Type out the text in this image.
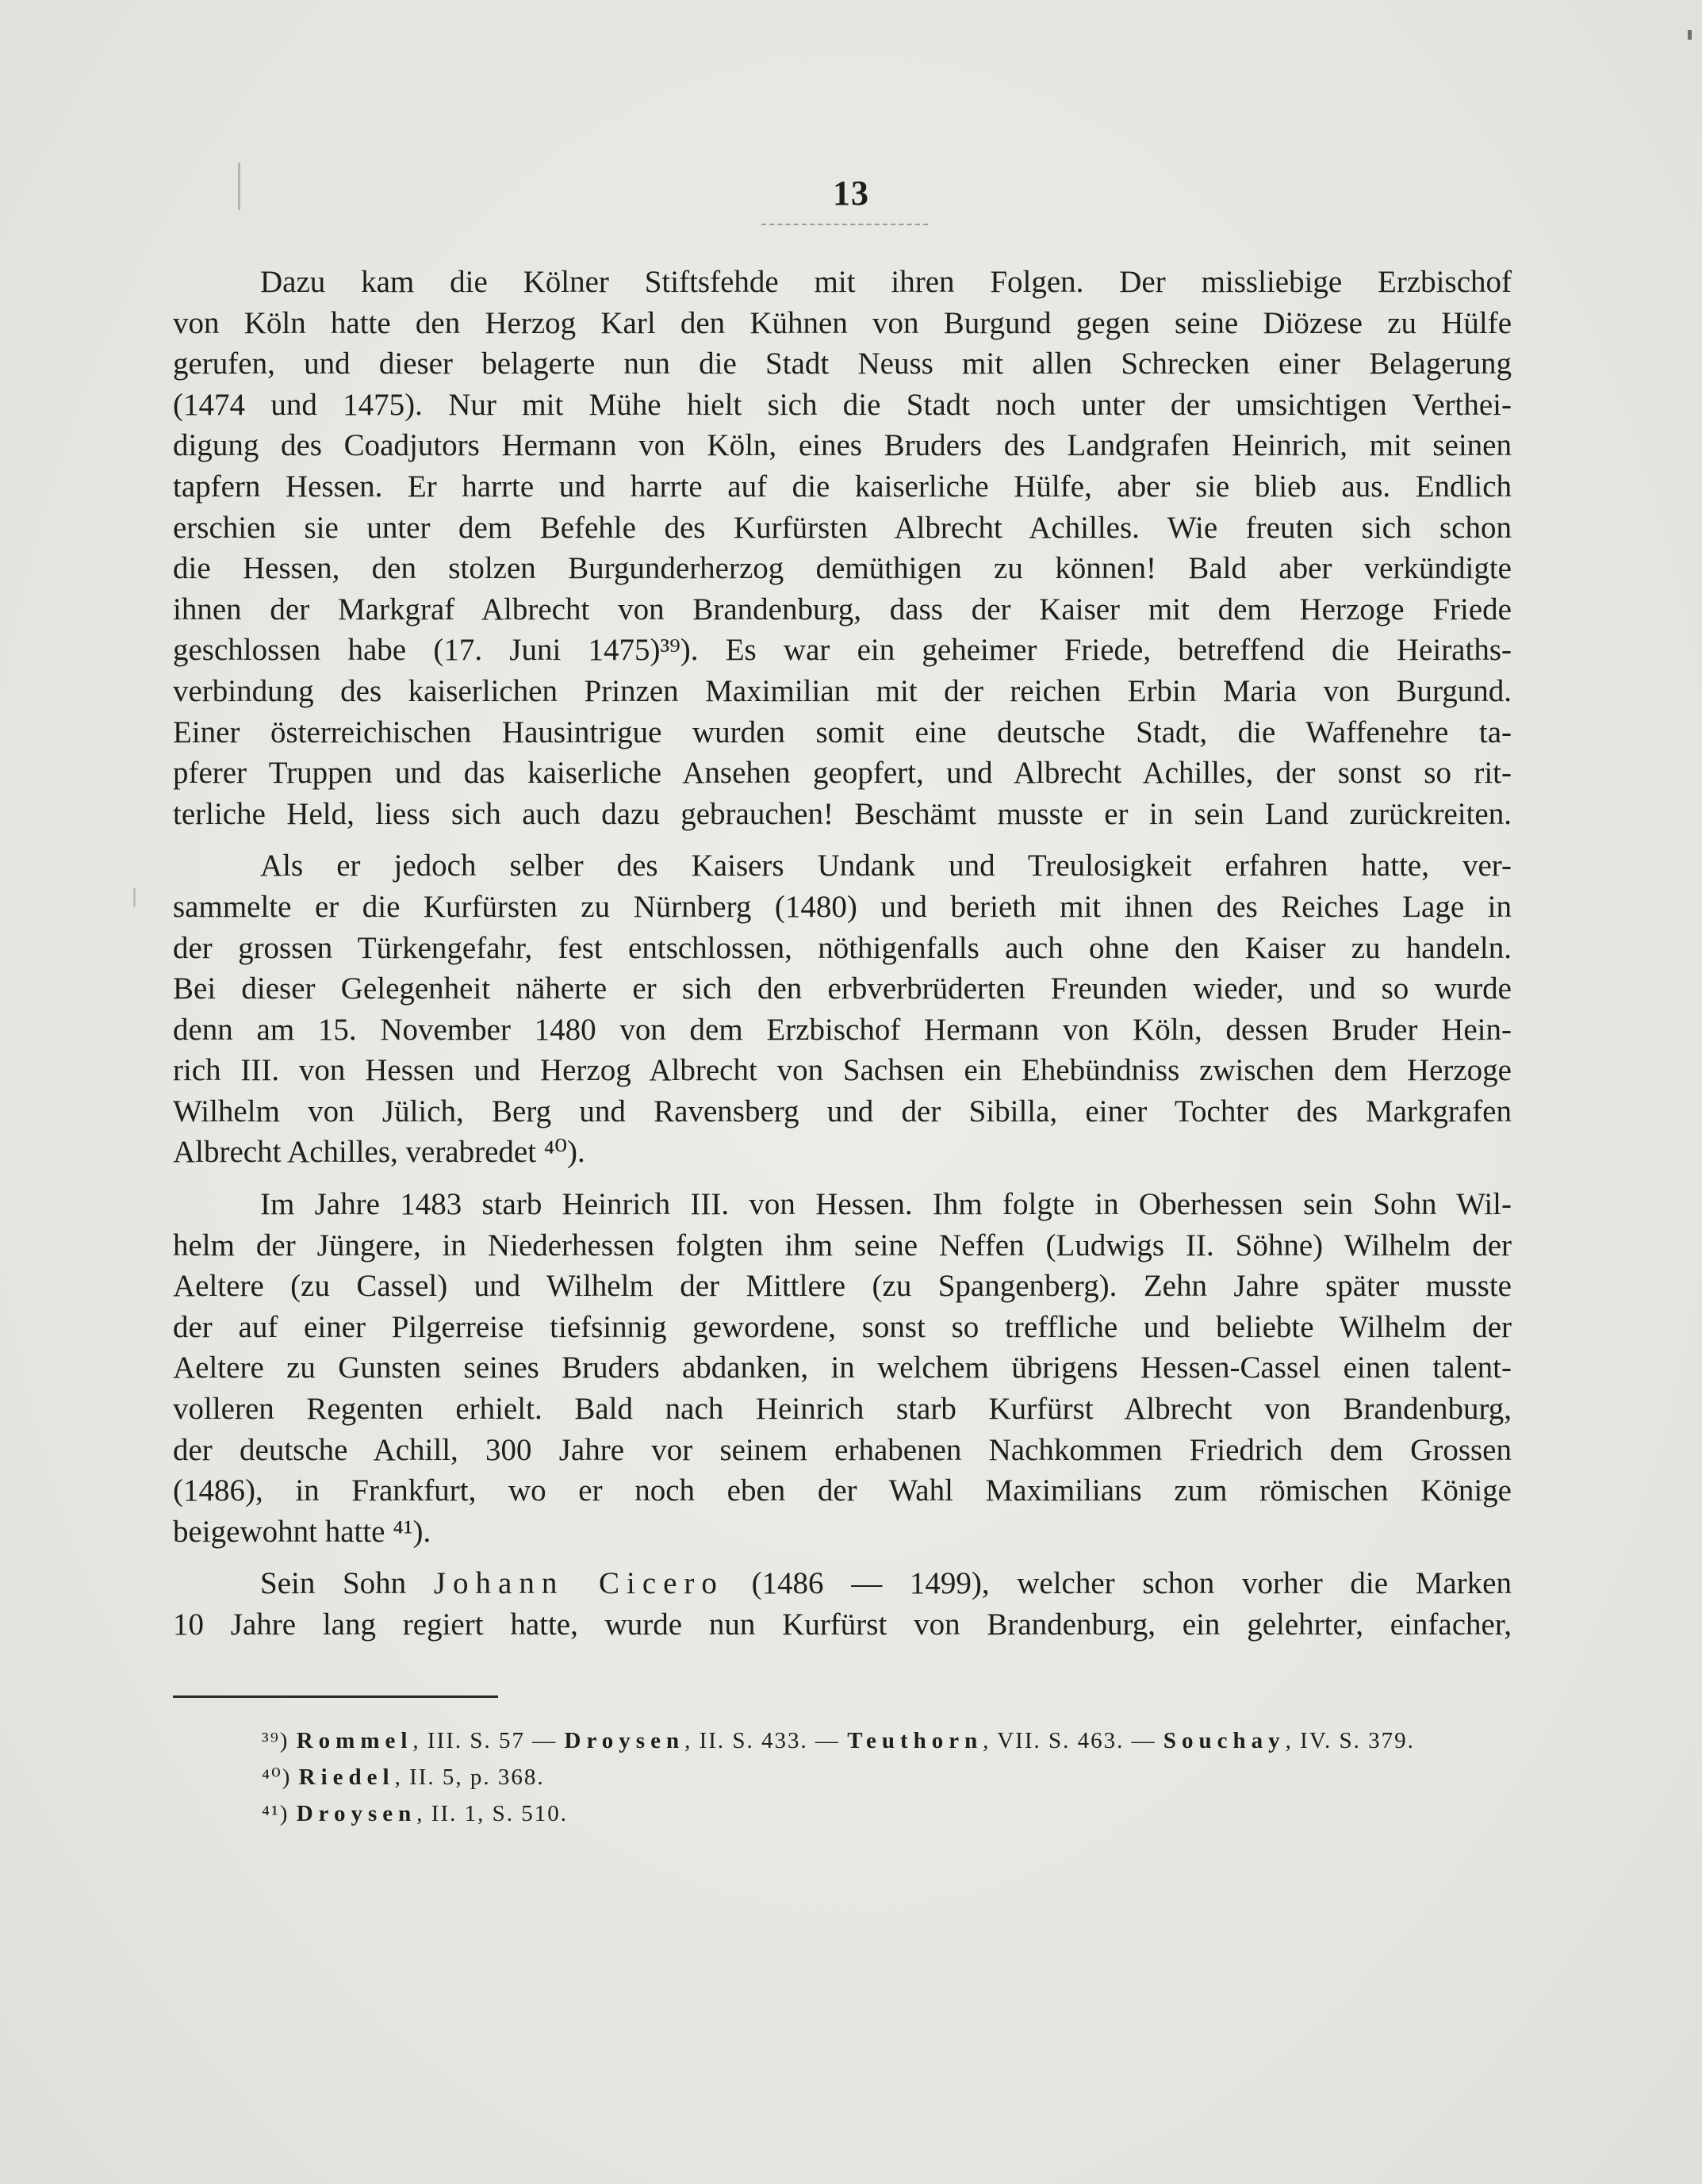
13
Dazu kam die Kölner Stiftsfehde mit ihren Folgen. Der missliebige Erzbischof
von Köln hatte den Herzog Karl den Kühnen von Burgund gegen seine Diözese zu Hülfe
gerufen, und dieser belagerte nun die Stadt Neuss mit allen Schrecken einer Belagerung
(1474 und 1475). Nur mit Mühe hielt sich die Stadt noch unter der umsichtigen Verthei-
digung des Coadjutors Hermann von Köln, eines Bruders des Landgrafen Heinrich, mit seinen
tapfern Hessen. Er harrte und harrte auf die kaiserliche Hülfe, aber sie blieb aus. Endlich
erschien sie unter dem Befehle des Kurfürsten Albrecht Achilles. Wie freuten sich schon
die Hessen, den stolzen Burgunderherzog demüthigen zu können! Bald aber verkündigte
ihnen der Markgraf Albrecht von Brandenburg, dass der Kaiser mit dem Herzoge Friede
geschlossen habe (17. Juni 1475)³⁹). Es war ein geheimer Friede, betreffend die Heiraths-
verbindung des kaiserlichen Prinzen Maximilian mit der reichen Erbin Maria von Burgund.
Einer österreichischen Hausintrigue wurden somit eine deutsche Stadt, die Waffenehre ta-
pferer Truppen und das kaiserliche Ansehen geopfert, und Albrecht Achilles, der sonst so rit-
terliche Held, liess sich auch dazu gebrauchen! Beschämt musste er in sein Land zurückreiten.
Als er jedoch selber des Kaisers Undank und Treulosigkeit erfahren hatte, ver-
sammelte er die Kurfürsten zu Nürnberg (1480) und berieth mit ihnen des Reiches Lage in
der grossen Türkengefahr, fest entschlossen, nöthigenfalls auch ohne den Kaiser zu handeln.
Bei dieser Gelegenheit näherte er sich den erbverbrüderten Freunden wieder, und so wurde
denn am 15. November 1480 von dem Erzbischof Hermann von Köln, dessen Bruder Hein-
rich III. von Hessen und Herzog Albrecht von Sachsen ein Ehebündniss zwischen dem Herzoge
Wilhelm von Jülich, Berg und Ravensberg und der Sibilla, einer Tochter des Markgrafen
Albrecht Achilles, verabredet ⁴⁰).
Im Jahre 1483 starb Heinrich III. von Hessen. Ihm folgte in Oberhessen sein Sohn Wil-
helm der Jüngere, in Niederhessen folgten ihm seine Neffen (Ludwigs II. Söhne) Wilhelm der
Aeltere (zu Cassel) und Wilhelm der Mittlere (zu Spangenberg). Zehn Jahre später musste
der auf einer Pilgerreise tiefsinnig gewordene, sonst so treffliche und beliebte Wilhelm der
Aeltere zu Gunsten seines Bruders abdanken, in welchem übrigens Hessen-Cassel einen talent-
volleren Regenten erhielt. Bald nach Heinrich starb Kurfürst Albrecht von Brandenburg,
der deutsche Achill, 300 Jahre vor seinem erhabenen Nachkommen Friedrich dem Grossen
(1486), in Frankfurt, wo er noch eben der Wahl Maximilians zum römischen Könige
beigewohnt hatte ⁴¹).
Sein Sohn Johann Cicero (1486 — 1499), welcher schon vorher die Marken
10 Jahre lang regiert hatte, wurde nun Kurfürst von Brandenburg, ein gelehrter, einfacher,
³⁹) Rommel, III. S. 57 — Droysen, II. S. 433. — Teuthorn, VII. S. 463. — Souchay, IV. S. 379.
⁴⁰) Riedel, II. 5, p. 368.
⁴¹) Droysen, II. 1, S. 510.
